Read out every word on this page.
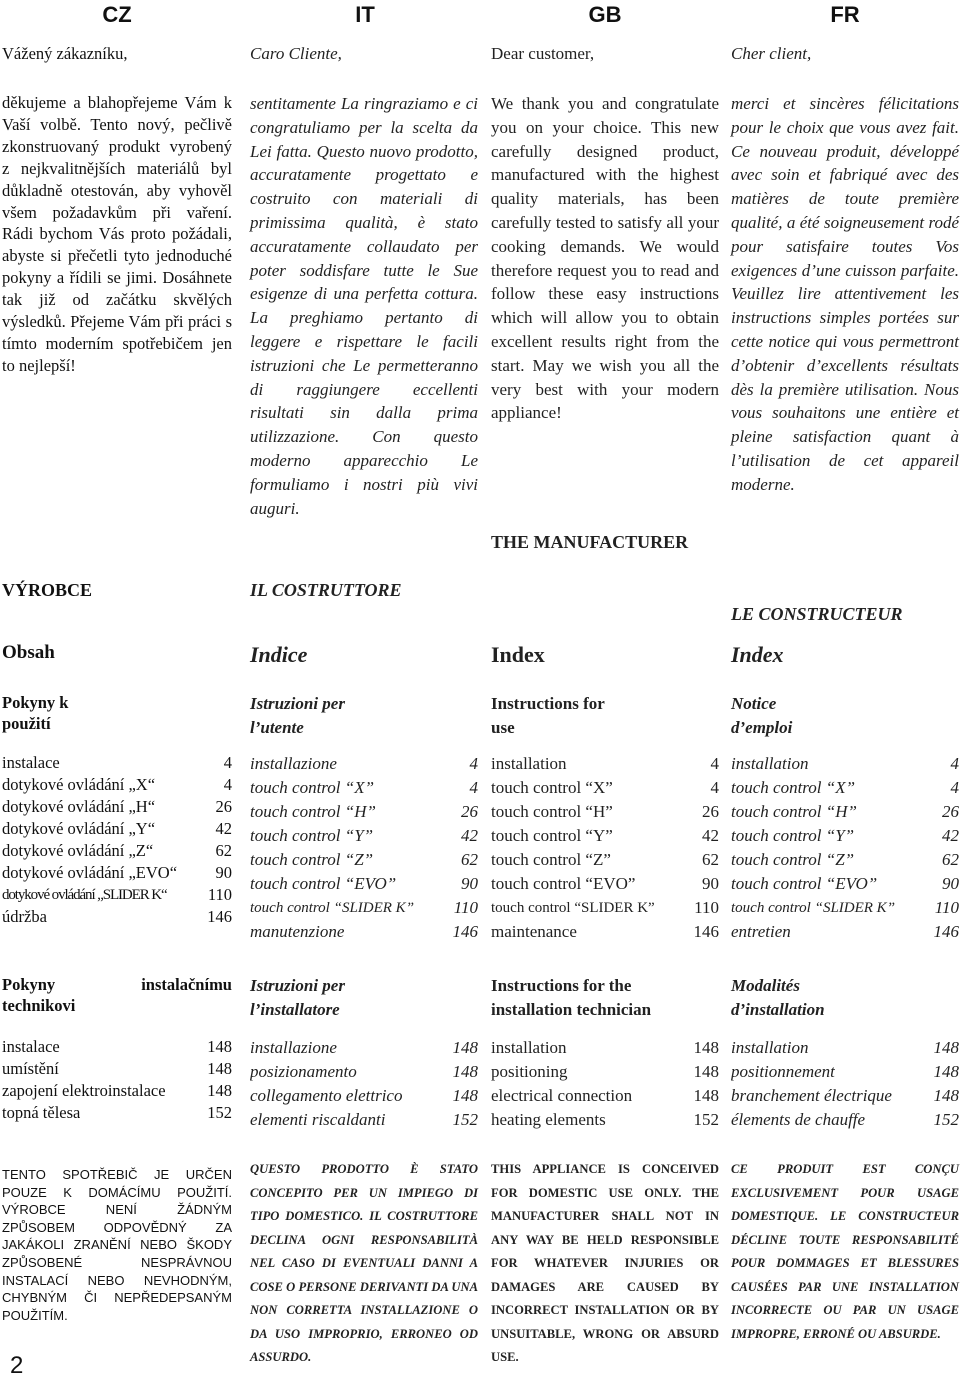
CZ	IT	GB	FR
Vážený zákazníku,
děkujeme a blahopřejeme Vám k Vaší volbě. Tento nový, pečlivě zkonstruovaný produkt vyrobený z nejkvalitnějších materiálů byl důkladně otestován, aby vyhověl všem požadavkům při vaření. Rádi bychom Vás proto požádali, abyste si přečetli tyto jednoduché pokyny a řídili se jimi. Dosáhnete tak již od začátku skvělých výsledků. Přejeme Vám při práci s tímto moderním spotřebičem jen to nejlepší!
VÝROBCE
Obsah
Pokyny k použití
instalace	4
dotykové ovládání „X“	4
dotykové ovládání „H“	26
dotykové ovládání „Y“	42
dotykové ovládání „Z“	62
dotykové ovládání „EVO“ 90
dotykové ovládání „SLIDER K“	110
údržba	146
Pokyny	instalačnímu
technikovi
instalace	148
umístění	148
zapojení elektroinstalace	148
topná tělesa	152
TENTO SPOTŘEBIČ JE URČEN POUZE K DOMÁCÍMU POUŽITÍ. VÝROBCE NENÍ ŽÁDNÝM ZPŮSOBEM ODPOVĚDNÝ ZA JAKÁKOLI ZRANĚNÍ NEBO ŠKODY ZPŮSOBENÉ NESPRÁVNOU INSTALACÍ NEBO NEVHODNÝM, CHYBNÝM ČI NEPŘEDEPSANÝM POUŽITÍM.
Caro Cliente,
sentitamente La ringraziamo e ci congratuliamo per la scelta da Lei fatta. Questo nuovo prodotto, accuratamente progettato e costruito con materiali di primissima qualità, è stato accuratamente collaudato per poter soddisfare tutte le Sue esigenze di una perfetta cottura. La preghiamo pertanto di leggere e rispettare le facili istruzioni che Le permetteranno di raggiungere eccellenti risultati sin dalla prima utilizzazione. Con questo moderno apparecchio Le formuliamo i nostri più vivi auguri.
IL COSTRUTTORE
Indice
Istruzioni per l’utente
installazione	4
touch control “X”	4
touch control “H”	26
touch control “Y”	42
touch control “Z”	62
touch control “EVO”	90
touch control “SLIDER K” 110
manutenzione	146
Istruzioni per l’installatore
installazione	148
posizionamento	148
collegamento elettrico	148
elementi riscaldanti	152
QUESTO PRODOTTO È STATO CONCEPITO PER UN IMPIEGO DI TIPO DOMESTICO. IL COSTRUTTORE DECLINA OGNI RESPONSABILITÀ NEL CASO DI EVENTUALI DANNI A COSE O PERSONE DERIVANTI DA UNA NON CORRETTA INSTALLAZIONE O DA USO IMPROPRIO, ERRONEO OD ASSURDO.
Dear customer,
We thank you and congratulate you on your choice. This new carefully designed product, manufactured with the highest quality materials, has been carefully tested to satisfy all your cooking demands. We would therefore request you to read and follow these easy instructions which will allow you to obtain excellent results right from the start. May we wish you all the very best with your modern appliance!
THE MANUFACTURER
Index
Instructions for use
installation	4
touch control “X”	4
touch control “H”	26
touch control “Y”	42
touch control “Z”	62
touch control “EVO”	90
touch control “SLIDER K” 110
maintenance	146
Instructions for the installation technician
installation	148
positioning	148
electrical connection	148
heating elements	152
THIS APPLIANCE IS CONCEIVED FOR DOMESTIC USE ONLY. THE MANUFACTURER SHALL NOT IN ANY WAY BE HELD RESPONSIBLE FOR WHATEVER INJURIES OR DAMAGES ARE CAUSED BY INCORRECT INSTALLATION OR BY UNSUITABLE, WRONG OR ABSURD USE.
Cher client,
merci et sincères félicitations pour le choix que vous avez fait. Ce nouveau produit, développé avec soin et fabriqué avec des matières de toute première qualité, a été soigneusement rodé pour satisfaire toutes Vos exigences d’une cuisson parfaite. Veuillez lire attentivement les instructions simples portées sur cette notice qui vous permettront d’obtenir d’excellents résultats dès la première utilisation. Nous vous souhaitons une entière et pleine satisfaction quant à l’utilisation de cet appareil moderne.
LE CONSTRUCTEUR
Index
Notice d’emploi
installation	4
touch control “X”	4
touch control “H”	26
touch control “Y”	42
touch control “Z”	62
touch control “EVO”	90
touch control “SLIDER K” 110
entretien	146
Modalités d’installation
installation	148
positionnement	148
branchement électrique 148
élements de chauffe	152
CE PRODUIT EST CONÇU EXCLUSIVEMENT POUR USAGE DOMESTIQUE. LE CONSTRUCTEUR DÉCLINE TOUTE RESPONSABILITÉ POUR DOMMAGES ET BLESSURES CAUSÉES PAR UNE INSTALLATION INCORRECTE OU PAR UN USAGE IMPROPRE, ERRONÉ OU ABSURDE.
2
